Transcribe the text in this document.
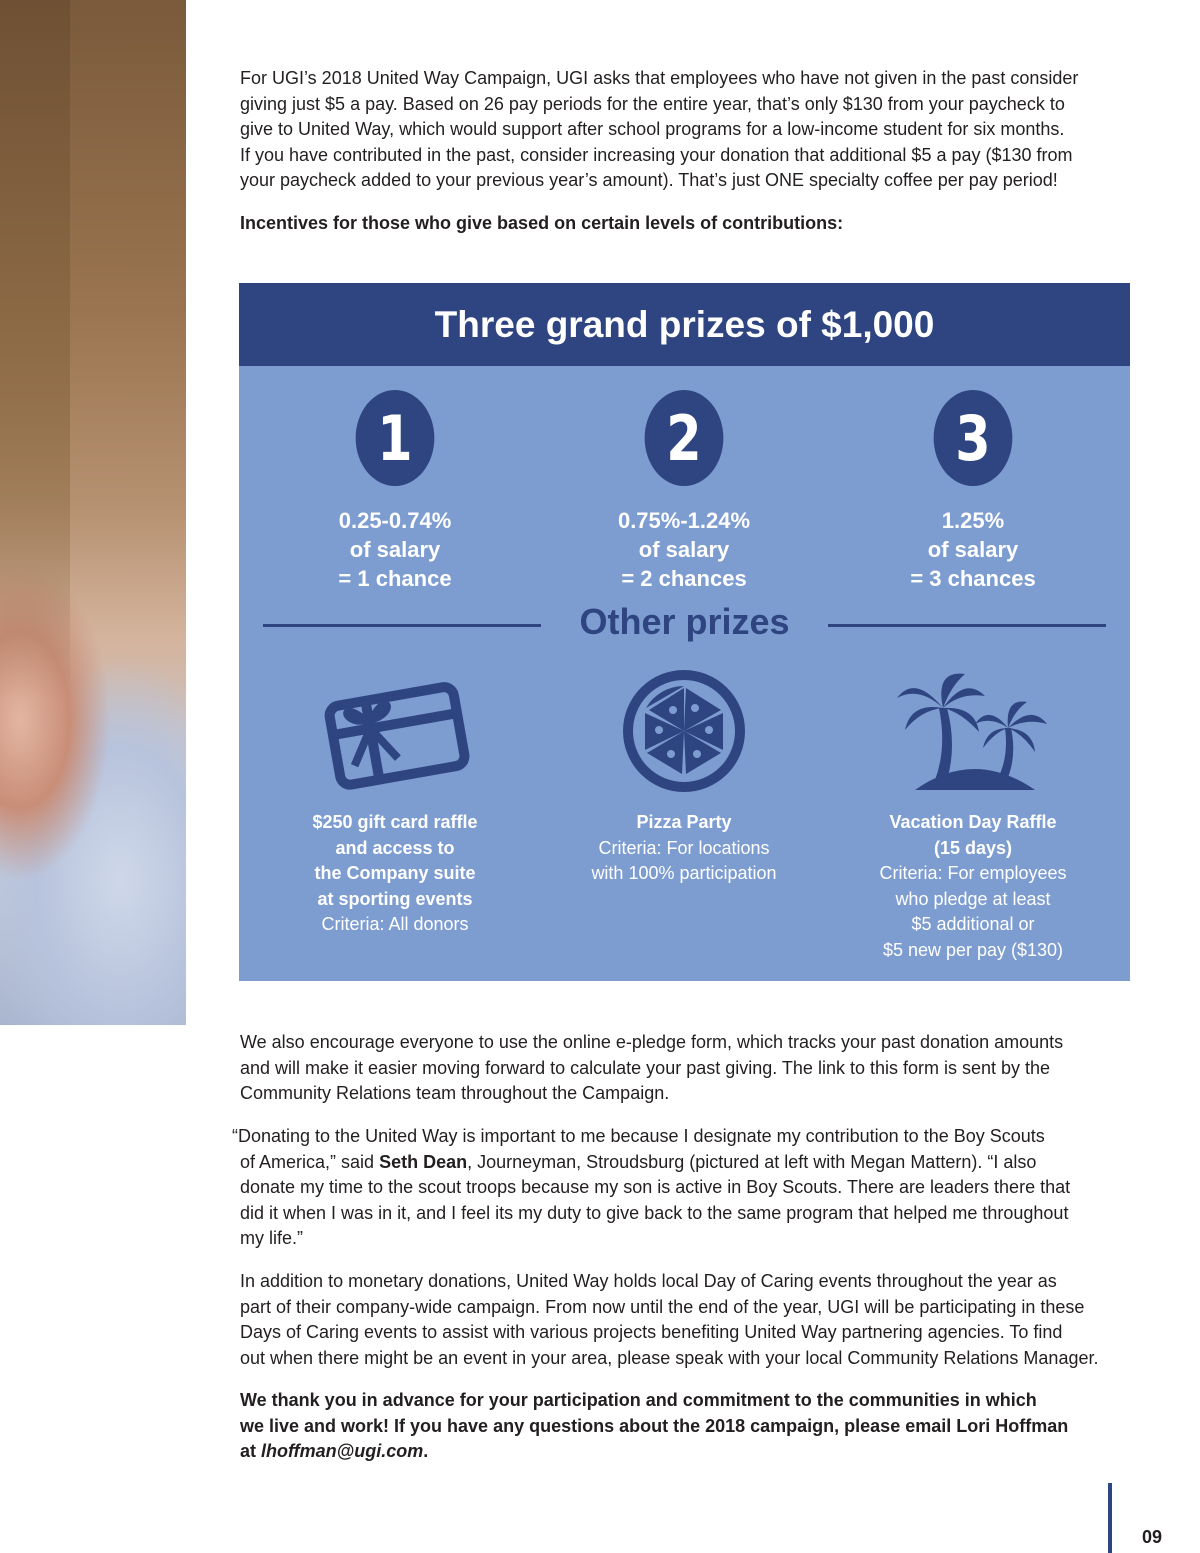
For UGI’s 2018 United Way Campaign, UGI asks that employees who have not given in the past consider
giving just $5 a pay. Based on 26 pay periods for the entire year, that’s only $130 from your paycheck to
give to United Way, which would support after school programs for a low-income student for six months.
If you have contributed in the past, consider increasing your donation that additional $5 a pay ($130 from
your paycheck added to your previous year’s amount). That’s just ONE specialty coffee per pay period!
Incentives for those who give based on certain levels of contributions:
Three grand prizes of $1,000
1	2	3
0.25-0.74%
of salary
= 1 chance
0.75%-1.24%
of salary
= 2 chances
1.25%
of salary
= 3 chances
Other prizes
$250 gift card raffle
and access to
the Company suite
at sporting events
Criteria: All donors
Pizza Party
Criteria: For locations
with 100% participation
Vacation Day Raffle
(15 days)
Criteria: For employees
who pledge at least
$5 additional or
$5 new per pay ($130)
We also encourage everyone to use the online e-pledge form, which tracks your past donation amounts
and will make it easier moving forward to calculate your past giving. The link to this form is sent by the
Community Relations team throughout the Campaign.
“Donating to the United Way is important to me because I designate my contribution to the Boy Scouts
of America,” said Seth Dean, Journeyman, Stroudsburg (pictured at left with Megan Mattern). “I also
donate my time to the scout troops because my son is active in Boy Scouts. There are leaders there that
did it when I was in it, and I feel its my duty to give back to the same program that helped me throughout
my life.”
In addition to monetary donations, United Way holds local Day of Caring events throughout the year as
part of their company-wide campaign. From now until the end of the year, UGI will be participating in these
Days of Caring events to assist with various projects benefiting United Way partnering agencies. To find
out when there might be an event in your area, please speak with your local Community Relations Manager.
We thank you in advance for your participation and commitment to the communities in which
we live and work! If you have any questions about the 2018 campaign, please email Lori Hoffman
at lhoffman@ugi.com.
09
